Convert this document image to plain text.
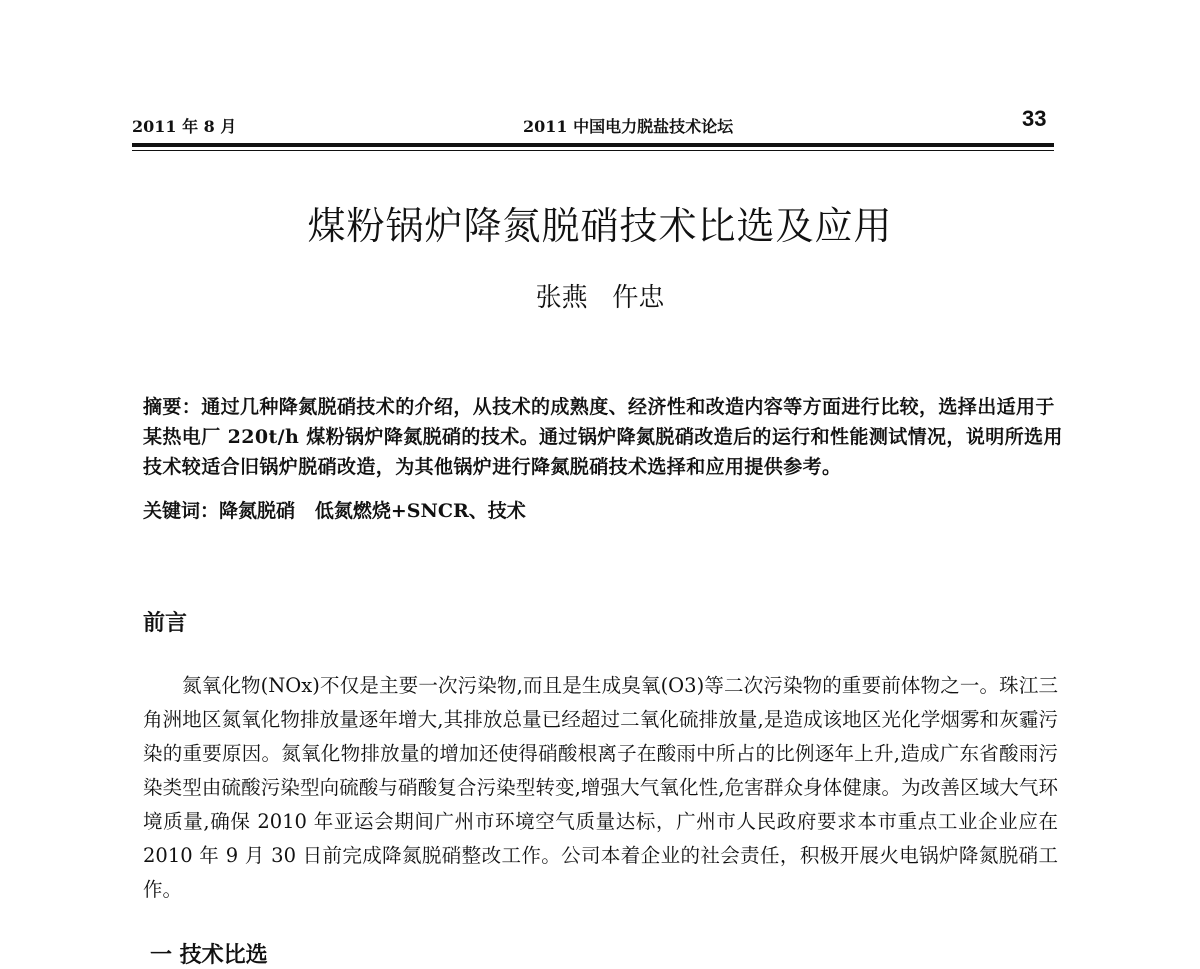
2011 年 8 月	2011 中国电力脱盐技术论坛	33
煤粉锅炉降氮脱硝技术比选及应用
张燕   仵忠
摘要：通过几种降氮脱硝技术的介绍，从技术的成熟度、经济性和改造内容等方面进行比较，选择出适用于某热电厂 220t/h 煤粉锅炉降氮脱硝的技术。通过锅炉降氮脱硝改造后的运行和性能测试情况，说明所选用技术较适合旧锅炉脱硝改造，为其他锅炉进行降氮脱硝技术选择和应用提供参考。
关键词：降氮脱硝   低氮燃烧+SNCR、技术
前言
氮氧化物(NOx)不仅是主要一次污染物,而且是生成臭氧(O3)等二次污染物的重要前体物之一。珠江三角洲地区氮氧化物排放量逐年增大,其排放总量已经超过二氧化硫排放量,是造成该地区光化学烟雾和灰霾污染的重要原因。氮氧化物排放量的增加还使得硝酸根离子在酸雨中所占的比例逐年上升,造成广东省酸雨污染类型由硫酸污染型向硫酸与硝酸复合污染型转变,增强大气氧化性,危害群众身体健康。为改善区域大气环境质量,确保 2010 年亚运会期间广州市环境空气质量达标，广州市人民政府要求本市重点工业企业应在 2010 年 9 月 30 日前完成降氮脱硝整改工作。公司本着企业的社会责任，积极开展火电锅炉降氮脱硝工作。
一 技术比选
